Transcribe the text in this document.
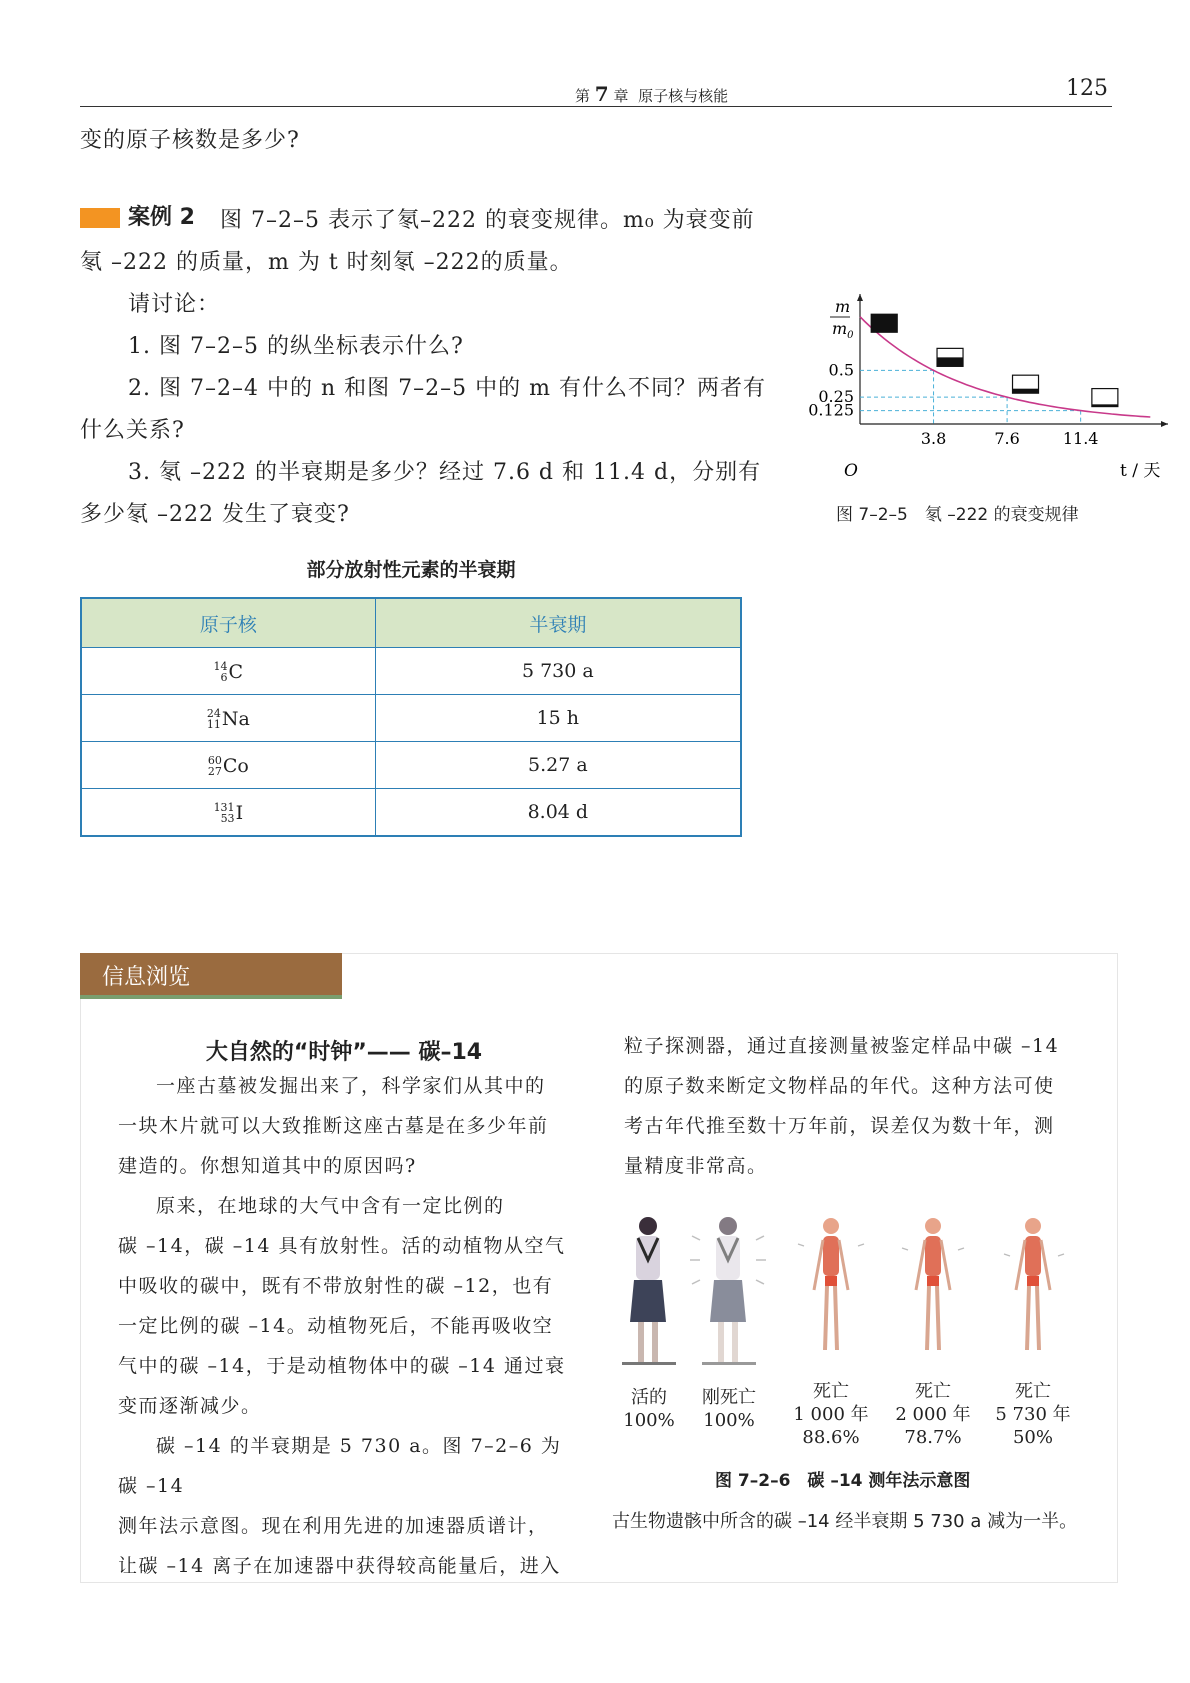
第 7 章 原子核与核能	125
变的原子核数是多少?
案例 2 图 7–2–5 表示了氡–222 的衰变规律。m₀ 为衰变前
氡 –222 的质量，m 为 t 时刻氡 –222的质量。
请讨论：
1. 图 7–2–5 的纵坐标表示什么?
2. 图 7–2–4 中的 n 和图 7–2–5 中的 m 有什么不同？两者有
什么关系?
3. 氡 –222 的半衰期是多少？经过 7.6 d 和 11.4 d，分别有
多少氡 –222 发生了衰变?
m
$m_0$
3.8
0.5
7.6
0.25
11.4
0.125
O	t / 天
图 7–2–5　氡 –222 的衰变规律
部分放射性元素的半衰期
原子核	半衰期
14
6C	5 730 a
24
11Na	15 h
60
27Co	5.27 a
131
53I	8.04 d
信息浏览
大自然的“时钟”—— 碳–14
一座古墓被发掘出来了，科学家们从其中的
一块木片就可以大致推断这座古墓是在多少年前
建造的。你想知道其中的原因吗?
原来，在地球的大气中含有一定比例的
碳 –14，碳 –14 具有放射性。活的动植物从空气
中吸收的碳中，既有不带放射性的碳 –12，也有
一定比例的碳 –14。动植物死后，不能再吸收空
气中的碳 –14，于是动植物体中的碳 –14 通过衰
变而逐渐减少。
碳 –14 的半衰期是 5 730 a。图 7–2–6 为碳 –14
测年法示意图。现在利用先进的加速器质谱计，
让碳 –14 离子在加速器中获得较高能量后，进入
粒子探测器，通过直接测量被鉴定样品中碳 –14
的原子数来断定文物样品的年代。这种方法可使
考古年代推至数十万年前，误差仅为数十年，测
量精度非常高。
活的
100%
刚死亡
100%
死亡
1 000 年
88.6%
死亡
2 000 年
78.7%
死亡
5 730 年
50%
图 7–2–6　碳 –14 测年法示意图
古生物遗骸中所含的碳 –14 经半衰期 5 730 a 减为一半。
